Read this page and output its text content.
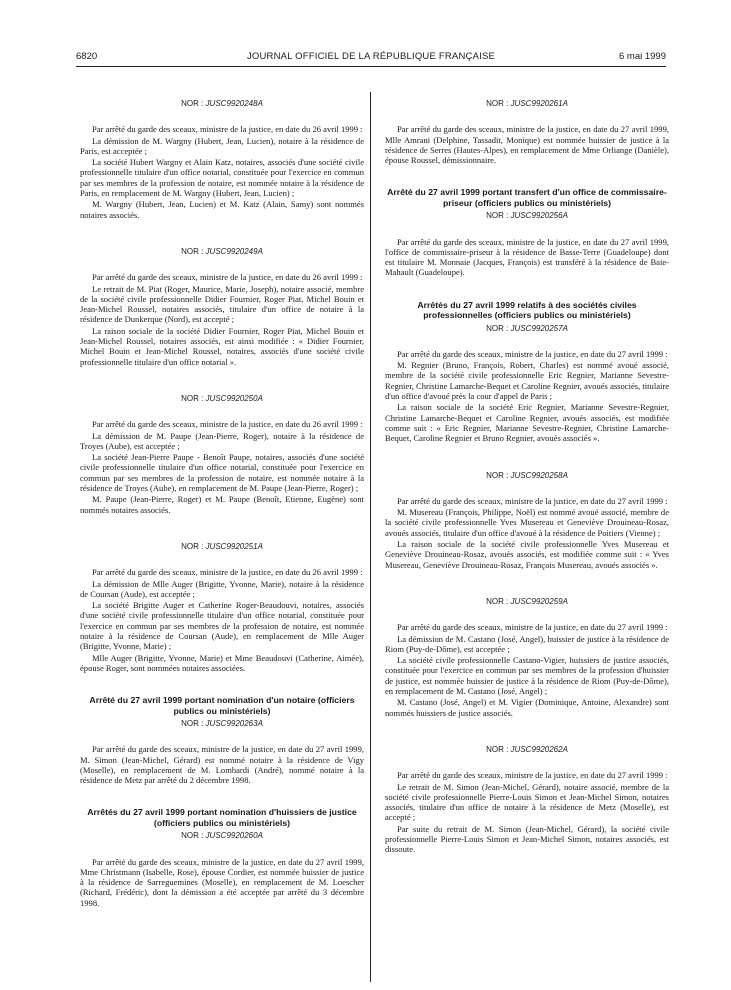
6820	JOURNAL OFFICIEL DE LA RÉPUBLIQUE FRANÇAISE	6 mai 1999
NOR : JUSC9920248A

Par arrêté du garde des sceaux, ministre de la justice, en date du 26 avril 1999 :

La démission de M. Wargny (Hubert, Jean, Lucien), notaire à la résidence de Paris, est acceptée ;

La société Hubert Wargny et Alain Katz, notaires, associés d'une société civile professionnelle titulaire d'un office notarial, constituée pour l'exercice en commun par ses membres de la profession de notaire, est nommée notaire à la résidence de Paris, en remplacement de M. Wargny (Hubert, Jean, Lucien) ;

M. Wargny (Hubert, Jean, Lucien) et M. Katz (Alain, Samy) sont nommés notaires associés.

NOR : JUSC9920249A

Par arrêté du garde des sceaux, ministre de la justice, en date du 26 avril 1999 :

Le retrait de M. Piat (Roger, Maurice, Marie, Joseph), notaire associé, membre de la société civile professionnelle Didier Fournier, Roger Piat, Michel Bouin et Jean-Michel Roussel, notaires associés, titulaire d'un office de notaire à la résidence de Dunkerque (Nord), est accepté ;

La raison sociale de la société Didier Fournier, Roger Piat, Michel Bouin et Jean-Michel Roussel, notaires associés, est ainsi modifiée : « Didier Fournier, Michel Bouin et Jean-Michel Roussel, notaires, associés d'une société civile professionnelle titulaire d'un office notarial ».

NOR : JUSC9920250A

Par arrêté du garde des sceaux, ministre de la justice, en date du 26 avril 1999 :

La démission de M. Paupe (Jean-Pierre, Roger), notaire à la résidence de Troyes (Aube), est acceptée ;

La société Jean-Pierre Paupe - Benoît Paupe, notaires, associés d'une société civile professionnelle titulaire d'un office notarial, constituée pour l'exercice en commun par ses membres de la profession de notaire, est nommée notaire à la résidence de Troyes (Aube), en remplacement de M. Paupe (Jean-Pierre, Roger) ;

M. Paupe (Jean-Pierre, Roger) et M. Paupe (Benoît, Etienne, Eugène) sont nommés notaires associés.

NOR : JUSC9920251A

Par arrêté du garde des sceaux, ministre de la justice, en date du 26 avril 1999 :

La démission de Mlle Auger (Brigitte, Yvonne, Marie), notaire à la résidence de Coursan (Aude), est acceptée ;

La société Brigitte Auger et Catherine Roger-Beaudouvi, notaires, associés d'une société civile professionnelle titulaire d'un office notarial, constituée pour l'exercice en commun par ses membres de la profession de notaire, est nommée notaire à la résidence de Coursan (Aude), en remplacement de Mlle Auger (Brigitte, Yvonne, Marie) ;

Mlle Auger (Brigitte, Yvonne, Marie) et Mme Beaudouvi (Catherine, Aimée), épouse Roger, sont nommées notaires associées.

Arrêté du 27 avril 1999 portant nomination d'un notaire (officiers publics ou ministériels)
NOR : JUSC9920263A

Par arrêté du garde des sceaux, ministre de la justice, en date du 27 avril 1999, M. Simon (Jean-Michel, Gérard) est nommé notaire à la résidence de Vigy (Moselle), en remplacement de M. Lombardi (André), nommé notaire à la résidence de Metz par arrêté du 2 décembre 1998.

Arrêtés du 27 avril 1999 portant nomination d'huissiers de justice (officiers publics ou ministériels)
NOR : JUSC9920260A

Par arrêté du garde des sceaux, ministre de la justice, en date du 27 avril 1999, Mme Christmann (Isabelle, Rose), épouse Cordier, est nommée huissier de justice à la résidence de Sarreguemines (Moselle), en remplacement de M. Loescher (Richard, Frédéric), dont la démission a été acceptée par arrêté du 3 décembre 1998.

NOR : JUSC9920261A

Par arrêté du garde des sceaux, ministre de la justice, en date du 27 avril 1999, Mlle Amrani (Delphine, Tassadit, Monique) est nommée huissier de justice à la résidence de Serres (Hautes-Alpes), en remplacement de Mme Orliange (Danièle), épouse Roussel, démissionnaire.

Arrêté du 27 avril 1999 portant transfert d'un office de commissaire-priseur (officiers publics ou ministériels)
NOR : JUSC9920256A

Par arrêté du garde des sceaux, ministre de la justice, en date du 27 avril 1999, l'office de commissaire-priseur à la résidence de Basse-Terre (Guadeloupe) dont est titulaire M. Monnaie (Jacques, François) est transféré à la résidence de Baie-Mahault (Guadeloupe).

Arrêtés du 27 avril 1999 relatifs à des sociétés civiles professionnelles (officiers publics ou ministériels)
NOR : JUSC9920257A

Par arrêté du garde des sceaux, ministre de la justice, en date du 27 avril 1999 :

M. Regnier (Bruno, François, Robert, Charles) est nommé avoué associé, membre de la société civile professionnelle Eric Regnier, Marianne Sevestre-Regnier, Christine Lamarche-Bequet et Caroline Regnier, avoués associés, titulaire d'un office d'avoué près la cour d'appel de Paris ;

La raison sociale de la société Eric Regnier, Marianne Sevestre-Regnier, Christine Lamarche-Bequet et Caroline Regnier, avoués associés, est modifiée comme suit : « Eric Regnier, Marianne Sevestre-Regnier, Christine Lamarche-Bequet, Caroline Regnier et Bruno Regnier, avoués associés ».

NOR : JUSC9920258A

Par arrêté du garde des sceaux, ministre de la justice, en date du 27 avril 1999 :

M. Musereau (François, Philippe, Noël) est nommé avoué associé, membre de la société civile professionnelle Yves Musereau et Geneviève Drouineau-Rosaz, avoués associés, titulaire d'un office d'avoué à la résidence de Poitiers (Vienne) ;

La raison sociale de la société civile professionnelle Yves Musereau et Geneviève Drouineau-Rosaz, avoués associés, est modifiée comme suit : « Yves Musereau, Geneviève Drouineau-Rosaz, François Musereau, avoués associés ».

NOR : JUSC9920259A

Par arrêté du garde des sceaux, ministre de la justice, en date du 27 avril 1999 :

La démission de M. Castano (José, Angel), huissier de justice à la résidence de Riom (Puy-de-Dôme), est acceptée ;

La société civile professionnelle Castano-Vigier, huissiers de justice associés, constituée pour l'exercice en commun par ses membres de la profession d'huissier de justice, est nommée huissier de justice à la résidence de Riom (Puy-de-Dôme), en remplacement de M. Castano (José, Angel) ;

M. Castano (José, Angel) et M. Vigier (Dominique, Antoine, Alexandre) sont nommés huissiers de justice associés.

NOR : JUSC9920262A

Par arrêté du garde des sceaux, ministre de la justice, en date du 27 avril 1999 :

Le retrait de M. Simon (Jean-Michel, Gérard), notaire associé, membre de la société civile professionnelle Pierre-Louis Simon et Jean-Michel Simon, notaires associés, titulaire d'un office de notaire à la résidence de Metz (Moselle), est accepté ;

Par suite du retrait de M. Simon (Jean-Michel, Gérard), la société civile professionnelle Pierre-Louis Simon et Jean-Michel Simon, notaires associés, est dissoute.
